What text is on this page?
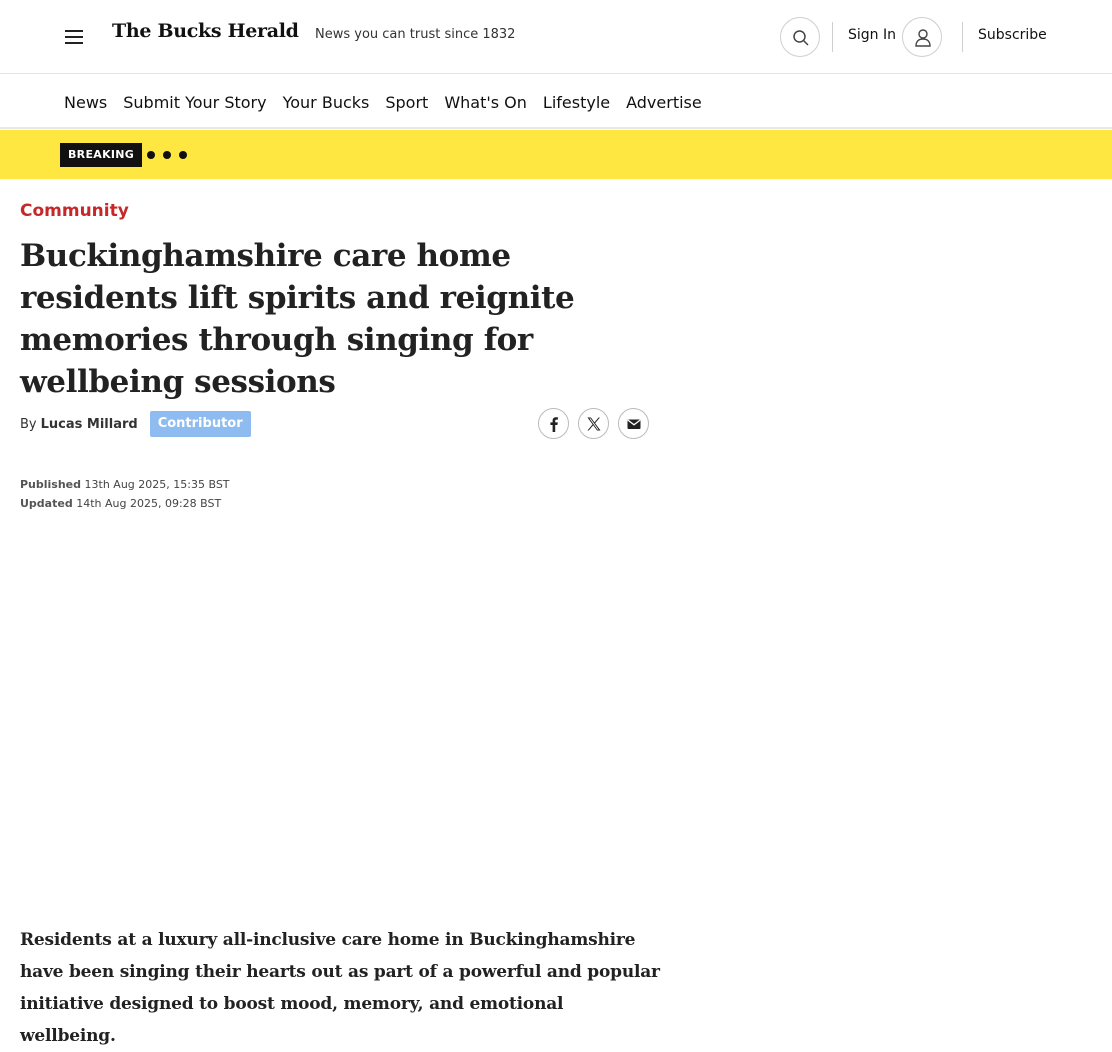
The Bucks Herald News you can trust since 1832	Sign In	Subscribe
News Submit Your Story Your Bucks Sport What's On Lifestyle Advertise
BREAKING
Community
Buckinghamshire care home residents lift spirits and reignite memories through singing for wellbeing sessions
By Lucas Millard	Contributor
Published 13th Aug 2025, 15:35 BST
Updated 14th Aug 2025, 09:28 BST

Residents at a luxury all-inclusive care home in Buckinghamshire have been singing their hearts out as part of a powerful and popular initiative designed to boost mood, memory, and emotional wellbeing.
